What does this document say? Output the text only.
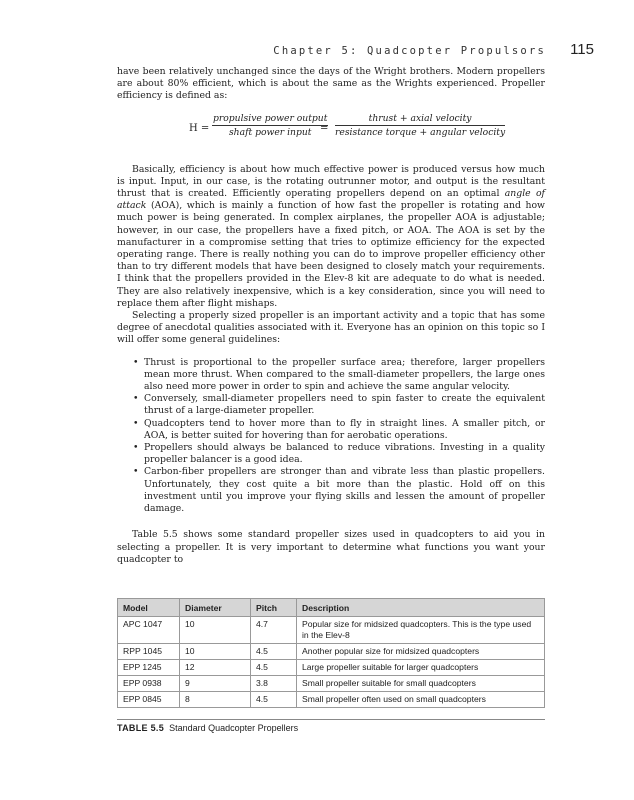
Chapter 5: Quadcopter Propulsors 115

have been relatively unchanged since the days of the Wright brothers. Modern propellers are about 80% efficient, which is about the same as the Wrights experienced. Propeller efficiency is defined as:

H =
propulsive power output
shaft power input =
thrust + axial velocity
resistance torque + angular velocity

Basically, efficiency is about how much effective power is produced versus how much is input. Input, in our case, is the rotating outrunner motor, and output is the resultant thrust that is created. Efficiently operating propellers depend on an optimal angle of attack (AOA), which is mainly a function of how fast the propeller is rotating and how much power is being generated. In complex airplanes, the propeller AOA is adjustable; however, in our case, the propellers have a fixed pitch, or AOA. The AOA is set by the manufacturer in a compromise setting that tries to optimize efficiency for the expected operating range. There is really nothing you can do to improve propeller efficiency other than to try different models that have been designed to closely match your requirements. I think that the propellers provided in the Elev-8 kit are adequate to do what is needed. They are also relatively inexpensive, which is a key consideration, since you will need to replace them after flight mishaps.

Selecting a properly sized propeller is an important activity and a topic that has some degree of anecdotal qualities associated with it. Everyone has an opinion on this topic so I will offer some general guidelines:

• Thrust is proportional to the propeller surface area; therefore, larger propellers mean more thrust. When compared to the small-diameter propellers, the large ones also need more power in order to spin and achieve the same angular velocity.
• Conversely, small-diameter propellers need to spin faster to create the equivalent thrust of a large-diameter propeller.
• Quadcopters tend to hover more than to fly in straight lines. A smaller pitch, or AOA, is better suited for hovering than for aerobatic operations.
• Propellers should always be balanced to reduce vibrations. Investing in a quality propeller balancer is a good idea.
• Carbon-fiber propellers are stronger than and vibrate less than plastic propellers. Unfortunately, they cost quite a bit more than the plastic. Hold off on this investment until you improve your flying skills and lessen the amount of propeller damage.

Table 5.5 shows some standard propeller sizes used in quadcopters to aid you in selecting a propeller. It is very important to determine what functions you want your quadcopter to

Model	Diameter	Pitch	Description
APC 1047	10	4.7	Popular size for midsized quadcopters. This is the type used in the Elev-8
RPP 1045	10	4.5	Another popular size for midsized quadcopters
EPP 1245	12	4.5	Large propeller suitable for larger quadcopters
EPP 0938	9	3.8	Small propeller suitable for small quadcopters
EPP 0845	8	4.5	Small propeller often used on small quadcopters
TABLE 5.5 Standard Quadcopter Propellers
